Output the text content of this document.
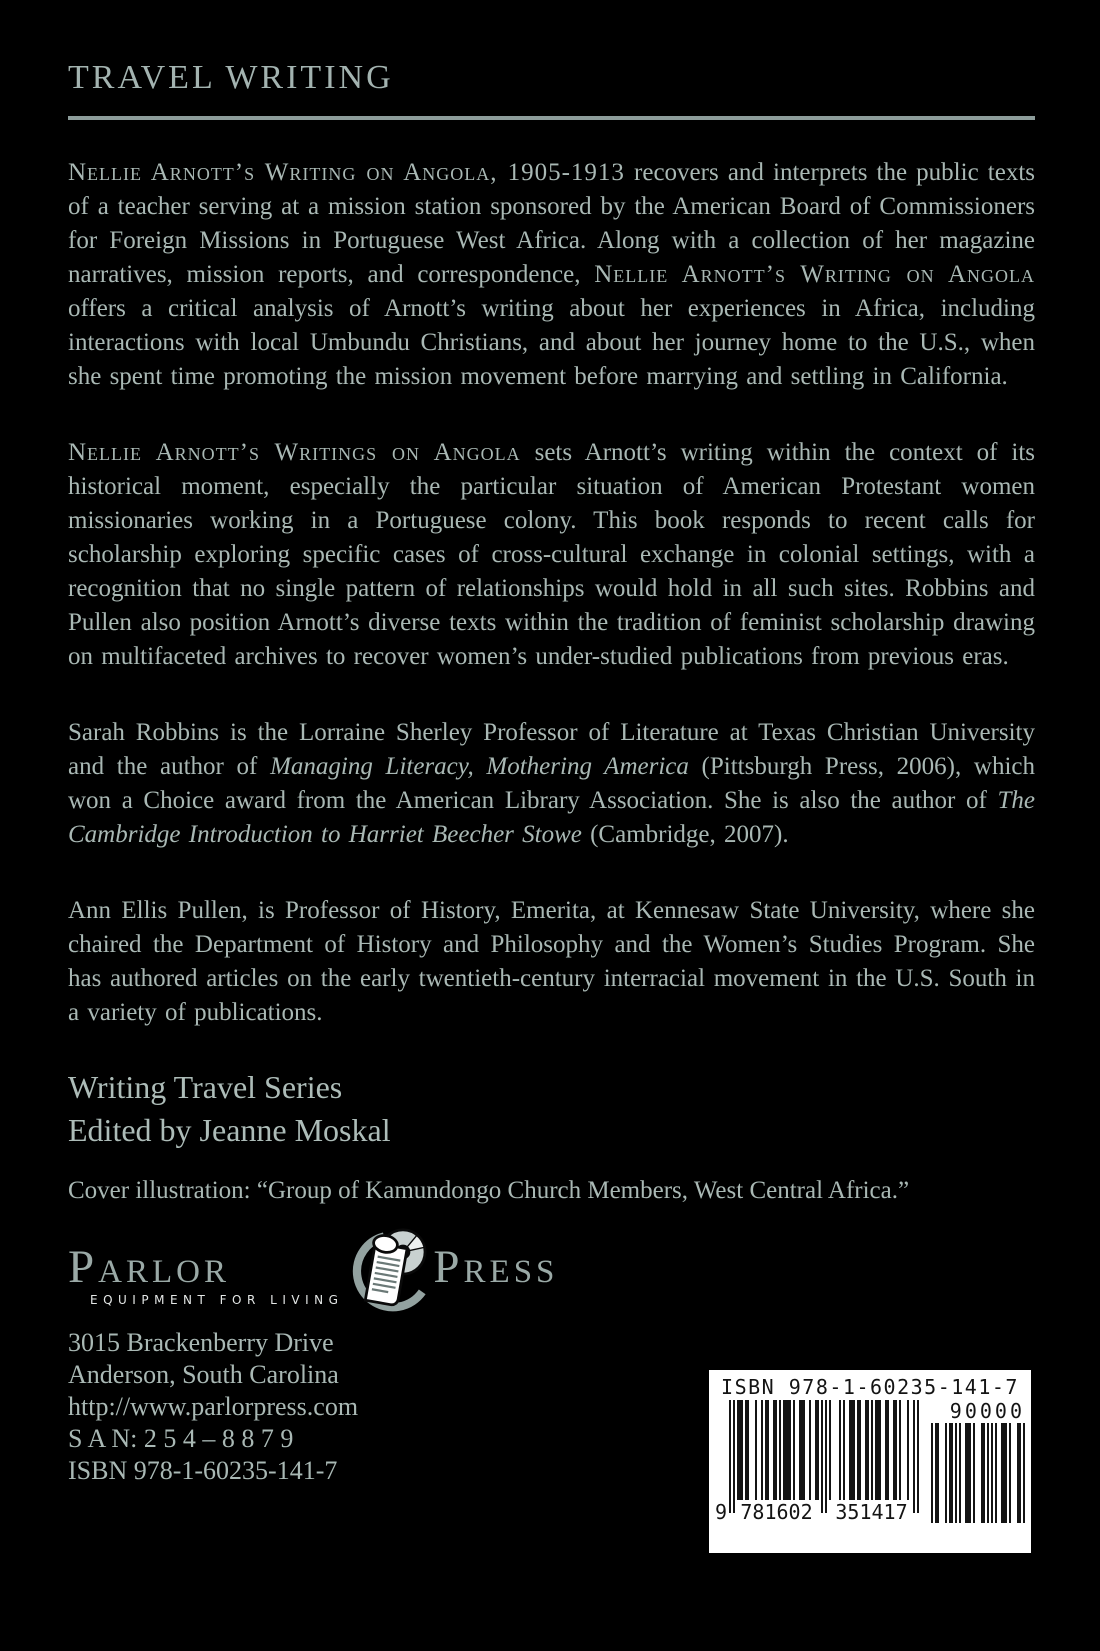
TRAVEL WRITING

Nellie Arnott’s Writing on Angola, 1905-1913 recovers and interprets the public texts of a teacher serving at a mission station sponsored by the American Board of Commissioners for Foreign Missions in Portuguese West Africa. Along with a collection of her magazine narratives, mission reports, and correspondence, Nellie Arnott’s Writing on Angola offers a critical analysis of Arnott’s writing about her experiences in Africa, including interactions with local Umbundu Christians, and about her journey home to the U.S., when she spent time promoting the mission movement before marrying and settling in California.

Nellie Arnott’s Writings on Angola sets Arnott’s writing within the context of its historical moment, especially the particular situation of American Protestant women missionaries working in a Portuguese colony. This book responds to recent calls for scholarship exploring specific cases of cross-cultural exchange in colonial settings, with a recognition that no single pattern of relationships would hold in all such sites. Robbins and Pullen also position Arnott’s diverse texts within the tradition of feminist scholarship drawing on multifaceted archives to recover women’s under-studied publications from previous eras.

Sarah Robbins is the Lorraine Sherley Professor of Literature at Texas Christian University and the author of Managing Literacy, Mothering America (Pittsburgh Press, 2006), which won a Choice award from the American Library Association. She is also the author of The Cambridge Introduction to Harriet Beecher Stowe (Cambridge, 2007).

Ann Ellis Pullen, is Professor of History, Emerita, at Kennesaw State University, where she chaired the Department of History and Philosophy and the Women’s Studies Program. She has authored articles on the early twentieth-century interracial movement in the U.S. South in a variety of publications.

Writing Travel Series
Edited by Jeanne Moskal
Cover illustration: “Group of Kamundongo Church Members, West Central Africa.”
Parlor
EQUIPMENT FOR LIVING
Press
3015 Brackenberry Drive
Anderson, South Carolina
http://www.parlorpress.com
S A N: 2 5 4 – 8 8 7 9
ISBN 978-1-60235-141-7
ISBN 978-1-60235-141-7
9 781602	351417
90000
